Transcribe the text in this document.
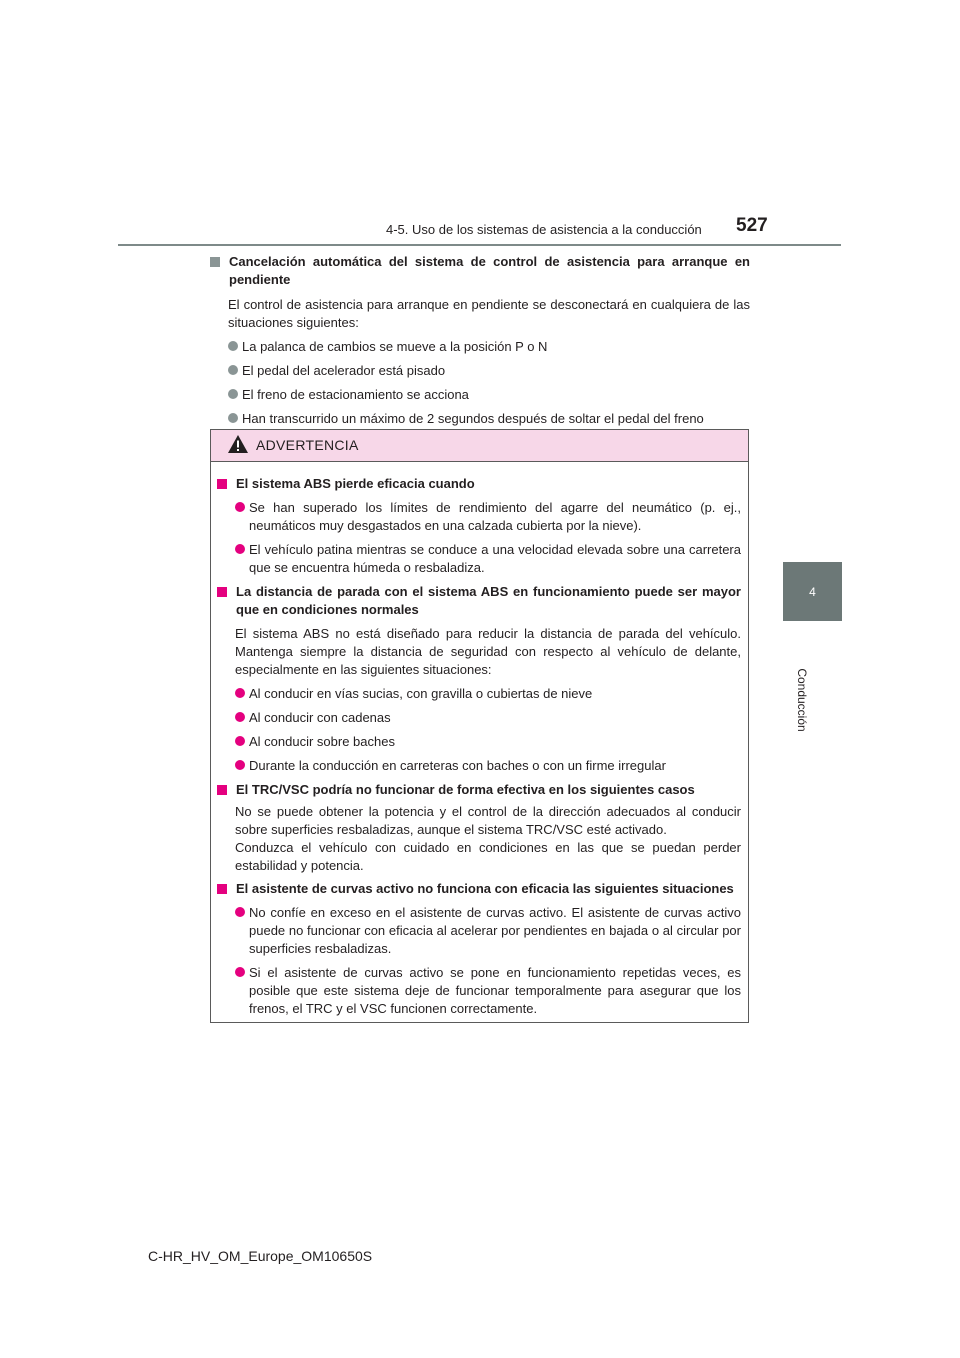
4-5. Uso de los sistemas de asistencia a la conducción 527
4
Conducción
Cancelación automática del sistema de control de asistencia para arranque en pendiente
El control de asistencia para arranque en pendiente se desconectará en cualquiera de las situaciones siguientes:
La palanca de cambios se mueve a la posición P o N
El pedal del acelerador está pisado
El freno de estacionamiento se acciona
Han transcurrido un máximo de 2 segundos después de soltar el pedal del freno
ADVERTENCIA
El sistema ABS pierde eficacia cuando
Se han superado los límites de rendimiento del agarre del neumático (p. ej., neumáticos muy desgastados en una calzada cubierta por la nieve).
El vehículo patina mientras se conduce a una velocidad elevada sobre una carretera que se encuentra húmeda o resbaladiza.
La distancia de parada con el sistema ABS en funcionamiento puede ser mayor que en condiciones normales
El sistema ABS no está diseñado para reducir la distancia de parada del vehículo. Mantenga siempre la distancia de seguridad con respecto al vehículo de delante, especialmente en las siguientes situaciones:
Al conducir en vías sucias, con gravilla o cubiertas de nieve
Al conducir con cadenas
Al conducir sobre baches
Durante la conducción en carreteras con baches o con un firme irregular
El TRC/VSC podría no funcionar de forma efectiva en los siguientes casos
No se puede obtener la potencia y el control de la dirección adecuados al conducir sobre superficies resbaladizas, aunque el sistema TRC/VSC esté activado.
Conduzca el vehículo con cuidado en condiciones en las que se puedan perder estabilidad y potencia.
El asistente de curvas activo no funciona con eficacia las siguientes situaciones
No confíe en exceso en el asistente de curvas activo. El asistente de curvas activo puede no funcionar con eficacia al acelerar por pendientes en bajada o al circular por superficies resbaladizas.
Si el asistente de curvas activo se pone en funcionamiento repetidas veces, es posible que este sistema deje de funcionar temporalmente para asegurar que los frenos, el TRC y el VSC funcionen correctamente.
C-HR_HV_OM_Europe_OM10650S
